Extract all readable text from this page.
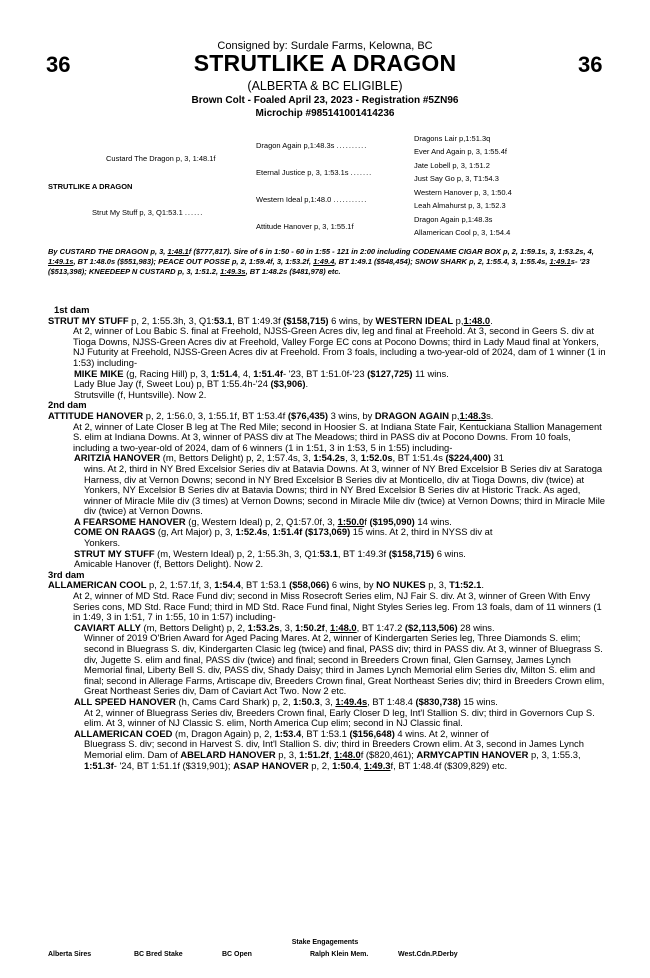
Consigned by: Surdale Farms, Kelowna, BC
36	STRUTLIKE A DRAGON	36
(ALBERTA & BC ELIGIBLE)
Brown Colt - Foaled April 23, 2023 - Registration #5ZN96
Microchip #985141001414236
STRUTLIKE A DRAGON
Custard The Dragon p, 3, 1:48.1f
Strut My Stuff p, 3, Q1:53.1 ......
Dragon Again p,1:48.3s ..........
Eternal Justice p, 3, 1:53.1s .......
Western Ideal p,1:48.0 ...........
Attitude Hanover p, 3, 1:55.1f
Dragons Lair p,1:51.3q
Ever And Again p, 3, 1:55.4f
Jate Lobell p, 3, 1:51.2
Just Say Go p, 3, T1:54.3
Western Hanover p, 3, 1:50.4
Leah Almahurst p, 3, 1:52.3
Dragon Again p,1:48.3s
Allamerican Cool p, 3, 1:54.4
By CUSTARD THE DRAGON p, 3, 1:48.1f ($777,817). Sire of 6 in 1:50 - 60 in 1:55 - 121 in 2:00 including CODENAME CIGAR BOX p, 2, 1:59.1s, 3, 1:53.2s, 4, 1:49.1s, BT 1:48.0s ($551,983); PEACE OUT POSSE p, 2, 1:59.4f, 3, 1:53.2f, 1:49.4, BT 1:49.1 ($548,454); SNOW SHARK p, 2, 1:55.4, 3, 1:55.4s, 1:49.1s- '23 ($513,398); KNEEDEEP N CUSTARD p, 3, 1:51.2, 1:49.3s, BT 1:48.2s ($481,978) etc.

1st dam

STRUT MY STUFF p, 2, 1:55.3h, 3, Q1:53.1, BT 1:49.3f ($158,715) 6 wins, by WESTERN IDEAL p,1:48.0.

At 2, winner of Lou Babic S. final at Freehold, NJSS-Green Acres div, leg and final at Freehold. At 3, second in Geers S. div at Tioga Downs, NJSS-Green Acres div at Freehold, Valley Forge EC cons at Pocono Downs; third in Lady Maud final at Yonkers, NJ Futurity at Freehold, NJSS-Green Acres div at Freehold. From 3 foals, including a two-year-old of 2024, dam of 1 winner (1 in 1:53) including-

MIKE MIKE (g, Racing Hill) p, 3, 1:51.4, 4, 1:51.4f- '23, BT 1:51.0f-'23 ($127,725) 11 wins.

Lady Blue Jay (f, Sweet Lou) p, BT 1:55.4h-'24 ($3,906).

Strutsville (f, Huntsville). Now 2.

2nd dam

ATTITUDE HANOVER p, 2, 1:56.0, 3, 1:55.1f, BT 1:53.4f ($76,435) 3 wins, by DRAGON AGAIN p,1:48.3s.

At 2, winner of Late Closer B leg at The Red Mile; second in Hoosier S. at Indiana State Fair, Kentuckiana Stallion Management S. elim at Indiana Downs. At 3, winner of PASS div at The Meadows; third in PASS div at Pocono Downs. From 10 foals, including a two-year-old of 2024, dam of 6 winners (1 in 1:51, 3 in 1:53, 5 in 1:55) including-

ARITZIA HANOVER (m, Bettors Delight) p, 2, 1:57.4s, 3, 1:54.2s, 3, 1:52.0s, BT 1:51.4s ($224,400) 31

wins. At 2, third in NY Bred Excelsior Series div at Batavia Downs. At 3, winner of NY Bred Excelsior B Series div at Saratoga Harness, div at Vernon Downs; second in NY Bred Excelsior B Series div at Monticello, div at Tioga Downs, div (twice) at Yonkers, NY Excelsior B Series div at Batavia Downs; third in NY Bred Excelsior B Series div at Historic Track. As aged, winner of Miracle Mile div (3 times) at Vernon Downs; second in Miracle Mile div (twice) at Vernon Downs; third in Miracle Mile div (twice) at Vernon Downs.

A FEARSOME HANOVER (g, Western Ideal) p, 2, Q1:57.0f, 3, 1:50.0f ($195,090) 14 wins.

COME ON RAAGS (g, Art Major) p, 3, 1:52.4s, 1:51.4f ($173,069) 15 wins. At 2, third in NYSS div at

Yonkers.

STRUT MY STUFF (m, Western Ideal) p, 2, 1:55.3h, 3, Q1:53.1, BT 1:49.3f ($158,715) 6 wins.

Amicable Hanover (f, Bettors Delight). Now 2.

3rd dam

ALLAMERICAN COOL p, 2, 1:57.1f, 3, 1:54.4, BT 1:53.1 ($58,066) 6 wins, by NO NUKES p, 3, T1:52.1.

At 2, winner of MD Std. Race Fund div; second in Miss Rosecroft Series elim, NJ Fair S. div. At 3, winner of Green With Envy Series cons, MD Std. Race Fund; third in MD Std. Race Fund final, Night Styles Series leg. From 13 foals, dam of 11 winners (1 in 1:49, 3 in 1:51, 7 in 1:55, 10 in 1:57) including-

CAVIART ALLY (m, Bettors Delight) p, 2, 1:53.2s, 3, 1:50.2f, 1:48.0, BT 1:47.2 ($2,113,506) 28 wins.

Winner of 2019 O'Brien Award for Aged Pacing Mares. At 2, winner of Kindergarten Series leg, Three Diamonds S. elim; second in Bluegrass S. div, Kindergarten Clasic leg (twice) and final, PASS div; third in PASS div. At 3, winner of Bluegrass S. div, Jugette S. elim and final, PASS div (twice) and final; second in Breeders Crown final, Glen Garnsey, James Lynch Memorial final, Liberty Bell S. div, PASS div, Shady Daisy; third in James Lynch Memorial elim Series div, Milton S. elim and final; second in Allerage Farms, Artiscape div, Breeders Crown final, Great Northeast Series div; third in Breeders Crown elim, Great Northeast Series div, Dam of Caviart Act Two. Now 2 etc.

ALL SPEED HANOVER (h, Cams Card Shark) p, 2, 1:50.3, 3, 1:49.4s, BT 1:48.4 ($830,738) 15 wins.

At 2, winner of Bluegrass Series div, Breeders Crown final, Early Closer D leg, Int'l Stallion S. div; third in Governors Cup S. elim. At 3, winner of NJ Classic S. elim, North America Cup elim; second in NJ Classic final.

ALLAMERICAN COED (m, Dragon Again) p, 2, 1:53.4, BT 1:53.1 ($156,648) 4 wins. At 2, winner of

Bluegrass S. div; second in Harvest S. div, Int'l Stallion S. div; third in Breeders Crown elim. At 3, second in James Lynch Memorial elim. Dam of ABELARD HANOVER p, 3, 1:51.2f, 1:48.0f ($820,461); ARMYCAPTIN HANOVER p, 3, 1:55.3, 1:51.3f- '24, BT 1:51.1f ($319,901); ASAP HANOVER p, 2, 1:50.4, 1:49.3f, BT 1:48.4f ($309,829) etc.

Stake Engagements
Alberta Sires	BC Bred Stake	BC Open	Ralph Klein Mem.	West.Cdn.P.Derby
